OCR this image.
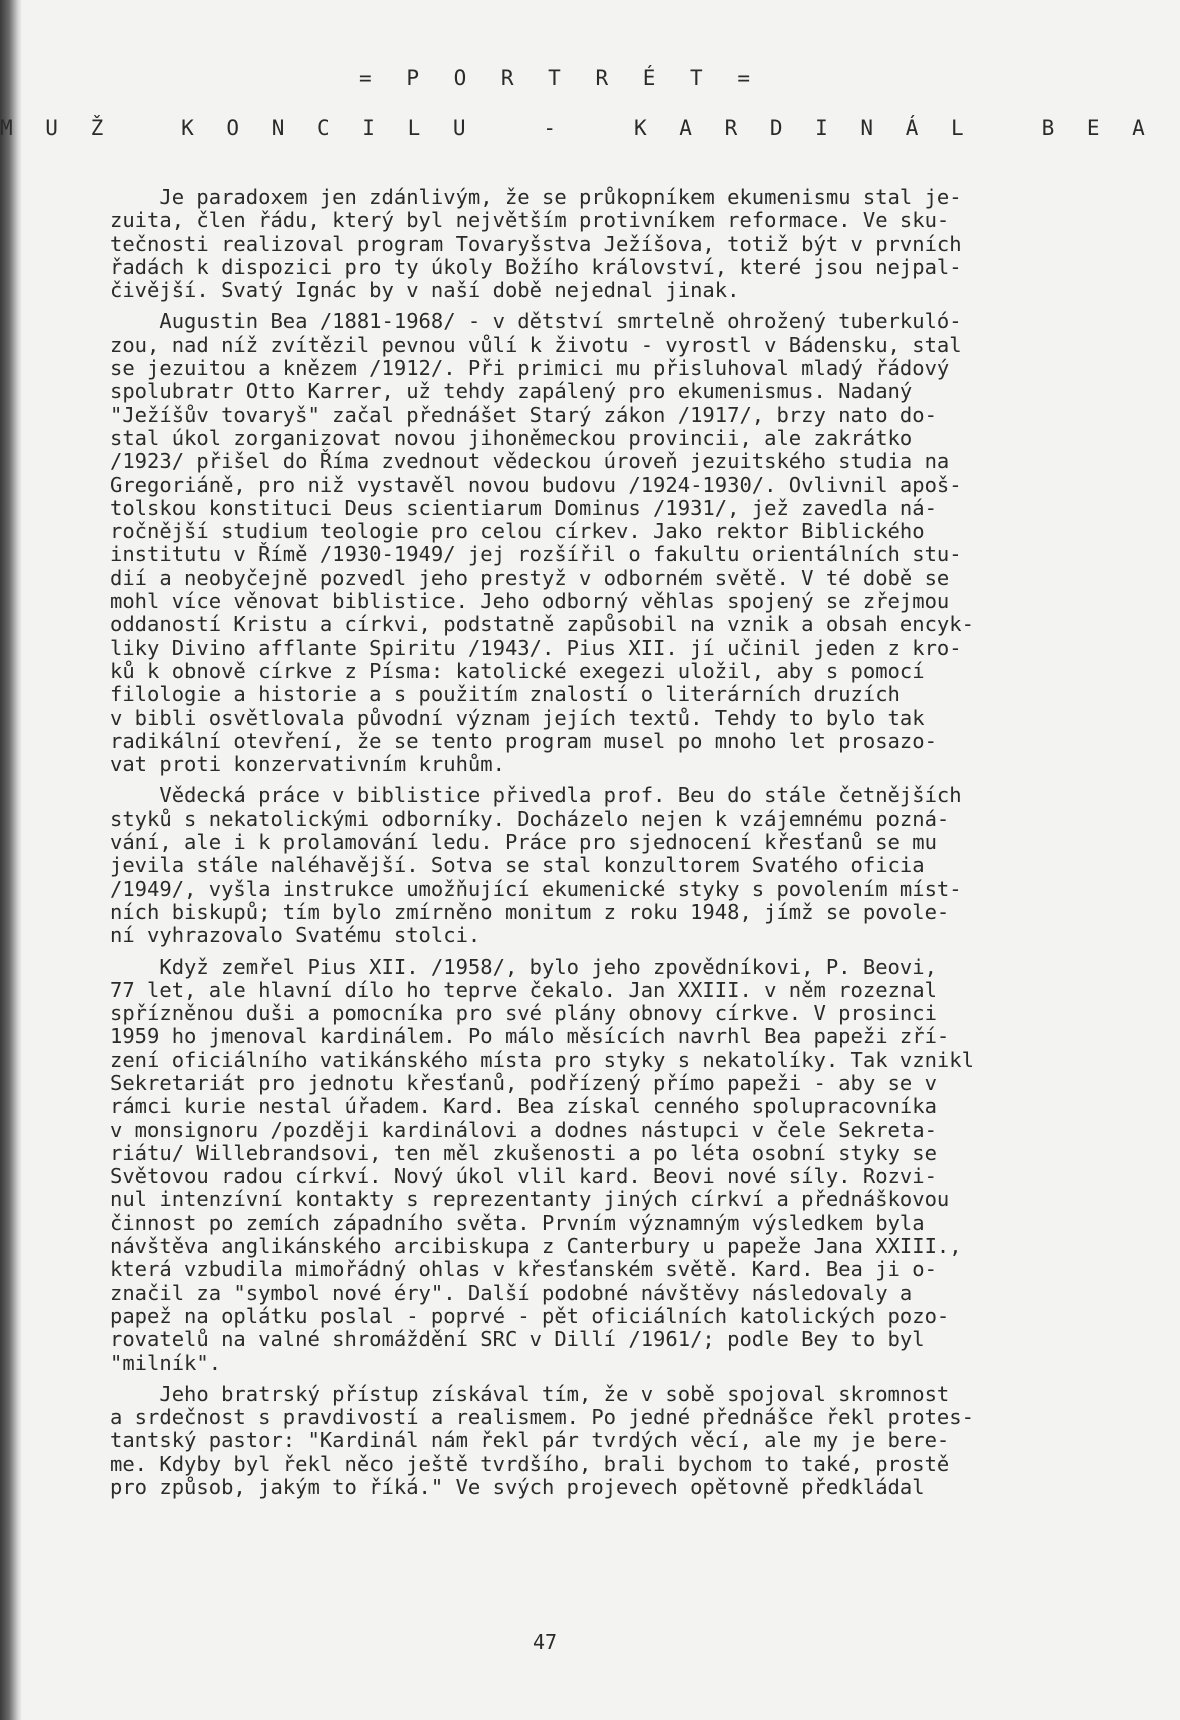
= P O R T R É T =
M U Ž   K O N C I L U   -   K A R D I N Á L   B E A
Je paradoxem jen zdánlivým, že se průkopníkem ekumenismu stal je-
zuita, člen řádu, který byl největším protivníkem reformace. Ve sku-
tečnosti realizoval program Tovaryšstva Ježíšova, totiž být v prvních
řadách k dispozici pro ty úkoly Božího království, které jsou nejpal-
čivější. Svatý Ignác by v naší době nejednal jinak.
Augustin Bea /1881-1968/ - v dětství smrtelně ohrožený tuberkuló-
zou, nad níž zvítězil pevnou vůlí k životu - vyrostl v Bádensku, stal
se jezuitou a knězem /1912/. Při primici mu přisluhoval mladý řádový
spolubratr Otto Karrer, už tehdy zapálený pro ekumenismus. Nadaný
"Ježíšův tovaryš" začal přednášet Starý zákon /1917/, brzy nato do-
stal úkol zorganizovat novou jihoněmeckou provincii, ale zakrátko
/1923/ přišel do Říma zvednout vědeckou úroveň jezuitského studia na
Gregoriáně, pro niž vystavěl novou budovu /1924-1930/. Ovlivnil apoš-
tolskou konstituci Deus scientiarum Dominus /1931/, jež zavedla ná-
ročnější studium teologie pro celou církev. Jako rektor Biblického
institutu v Římě /1930-1949/ jej rozšířil o fakultu orientálních stu-
dií a neobyčejně pozvedl jeho prestyž v odborném světě. V té době se
mohl více věnovat biblistice. Jeho odborný věhlas spojený se zřejmou
oddaností Kristu a církvi, podstatně zapůsobil na vznik a obsah encyk-
liky Divino afflante Spiritu /1943/. Pius XII. jí učinil jeden z kro-
ků k obnově církve z Písma: katolické exegezi uložil, aby s pomocí
filologie a historie a s použitím znalostí o literárních druzích
v bibli osvětlovala původní význam jejích textů. Tehdy to bylo tak
radikální otevření, že se tento program musel po mnoho let prosazo-
vat proti konzervativním kruhům.
Vědecká práce v biblistice přivedla prof. Beu do stále četnějších
styků s nekatolickými odborníky. Docházelo nejen k vzájemnému pozná-
vání, ale i k prolamování ledu. Práce pro sjednocení křesťanů se mu
jevila stále naléhavější. Sotva se stal konzultorem Svatého oficia
/1949/, vyšla instrukce umožňující ekumenické styky s povolením míst-
ních biskupů; tím bylo zmírněno monitum z roku 1948, jímž se povole-
ní vyhrazovalo Svatému stolci.
Když zemřel Pius XII. /1958/, bylo jeho zpovědníkovi, P. Beovi,
77 let, ale hlavní dílo ho teprve čekalo. Jan XXIII. v něm rozeznal
spřízněnou duši a pomocníka pro své plány obnovy církve. V prosinci
1959 ho jmenoval kardinálem. Po málo měsících navrhl Bea papeži zří-
zení oficiálního vatikánského místa pro styky s nekatolíky. Tak vznikl
Sekretariát pro jednotu křesťanů, podřízený přímo papeži - aby se v
rámci kurie nestal úřadem. Kard. Bea získal cenného spolupracovníka
v monsignoru /později kardinálovi a dodnes nástupci v čele Sekreta-
riátu/ Willebrandsovi, ten měl zkušenosti a po léta osobní styky se
Světovou radou církví. Nový úkol vlil kard. Beovi nové síly. Rozvi-
nul intenzívní kontakty s reprezentanty jiných církví a přednáškovou
činnost po zemích západního světa. Prvním významným výsledkem byla
návštěva anglikánského arcibiskupa z Canterbury u papeže Jana XXIII.,
která vzbudila mimořádný ohlas v křesťanském světě. Kard. Bea ji o-
značil za "symbol nové éry". Další podobné návštěvy následovaly a
papež na oplátku poslal - poprvé - pět oficiálních katolických pozo-
rovatelů na valné shromáždění SRC v Dillí /1961/; podle Bey to byl
"milník".
Jeho bratrský přístup získával tím, že v sobě spojoval skromnost
a srdečnost s pravdivostí a realismem. Po jedné přednášce řekl protes-
tantský pastor: "Kardinál nám řekl pár tvrdých věcí, ale my je bere-
me. Kdyby byl řekl něco ještě tvrdšího, brali bychom to také, prostě
pro způsob, jakým to říká." Ve svých projevech opětovně předkládal
47
